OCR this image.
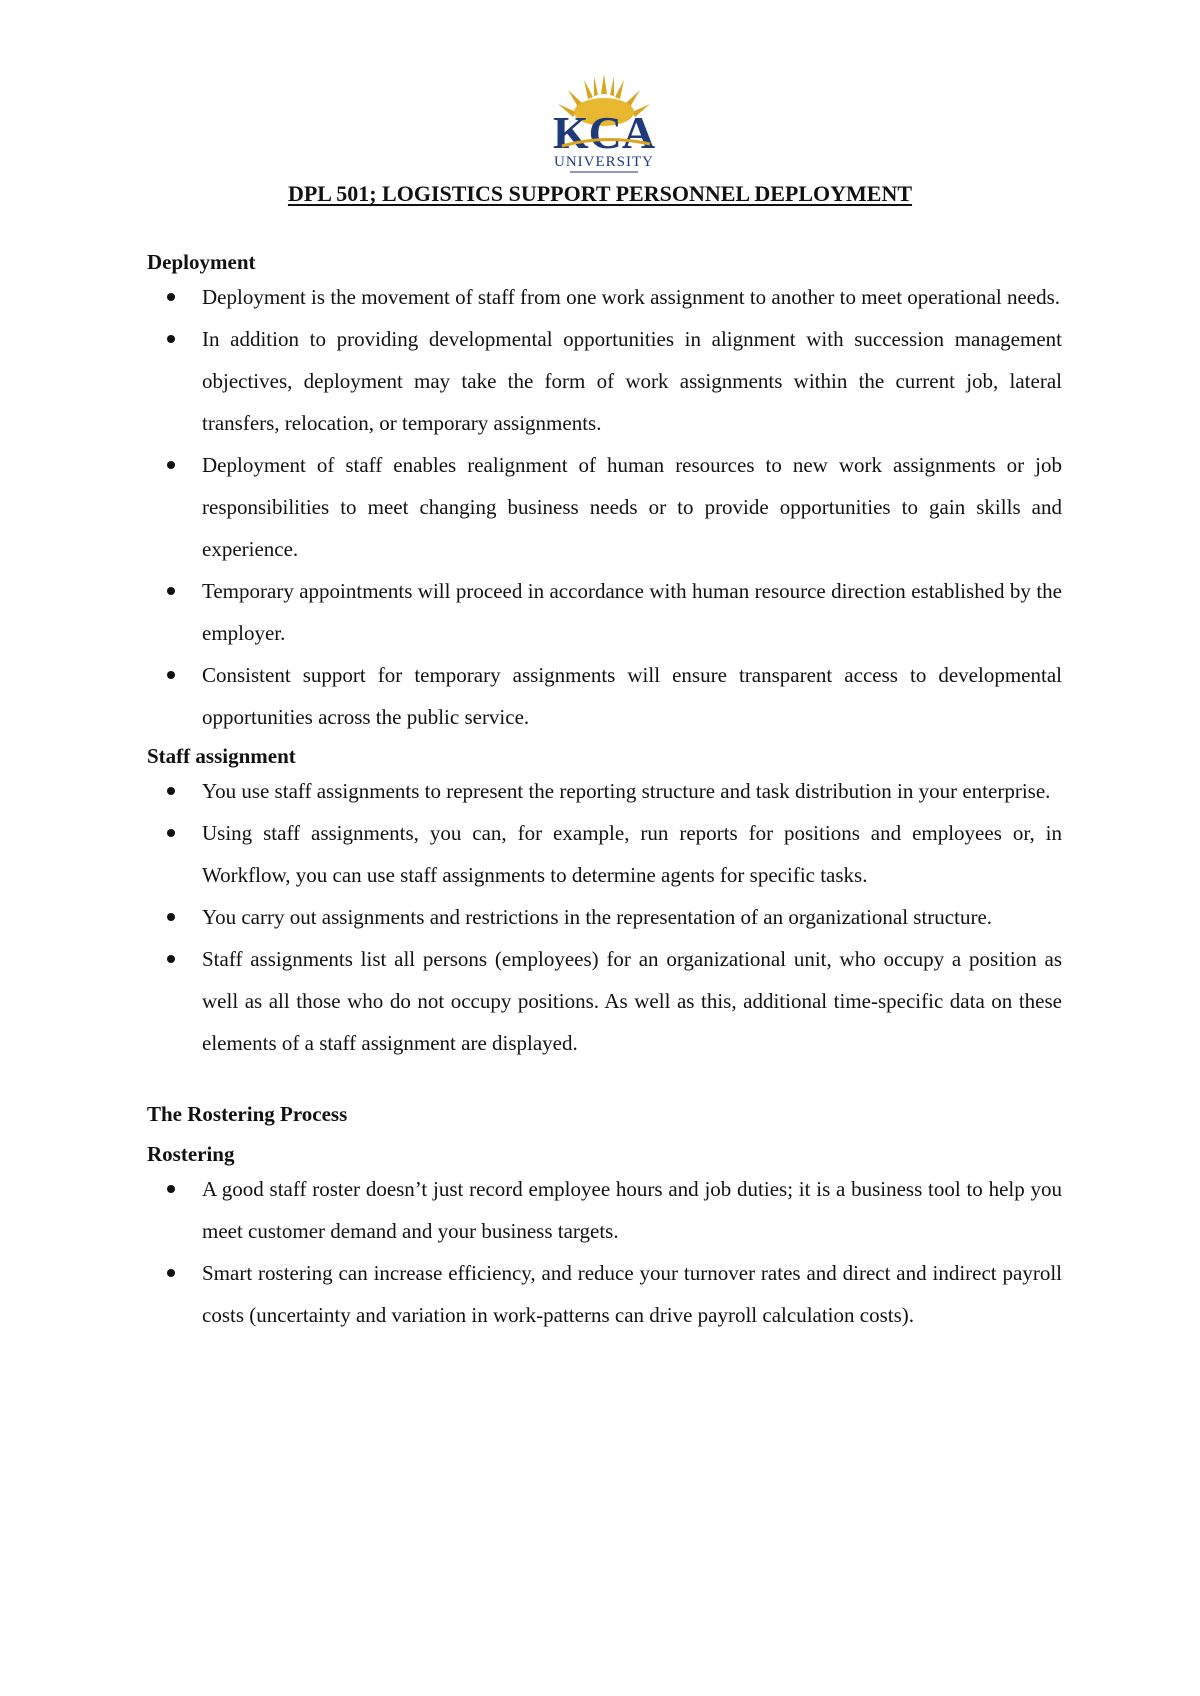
KCA
UNIVERSITY
DPL 501; LOGISTICS SUPPORT PERSONNEL DEPLOYMENT
Deployment
Deployment is the movement of staff from one work assignment to another to meet operational needs.
In addition to providing developmental opportunities in alignment with succession management objectives, deployment may take the form of work assignments within the current job, lateral transfers, relocation, or temporary assignments.
Deployment of staff enables realignment of human resources to new work assignments or job responsibilities to meet changing business needs or to provide opportunities to gain skills and experience.
Temporary appointments will proceed in accordance with human resource direction established by the employer.
Consistent support for temporary assignments will ensure transparent access to developmental opportunities across the public service.
Staff assignment
You use staff assignments to represent the reporting structure and task distribution in your enterprise.
Using staff assignments, you can, for example, run reports for positions and employees or, in Workflow, you can use staff assignments to determine agents for specific tasks.
You carry out assignments and restrictions in the representation of an organizational structure.
Staff assignments list all persons (employees) for an organizational unit, who occupy a position as well as all those who do not occupy positions. As well as this, additional time-specific data on these elements of a staff assignment are displayed.
The Rostering Process
Rostering
A good staff roster doesn’t just record employee hours and job duties; it is a business tool to help you meet customer demand and your business targets.
Smart rostering can increase efficiency, and reduce your turnover rates and direct and indirect payroll costs (uncertainty and variation in work-patterns can drive payroll calculation costs).
